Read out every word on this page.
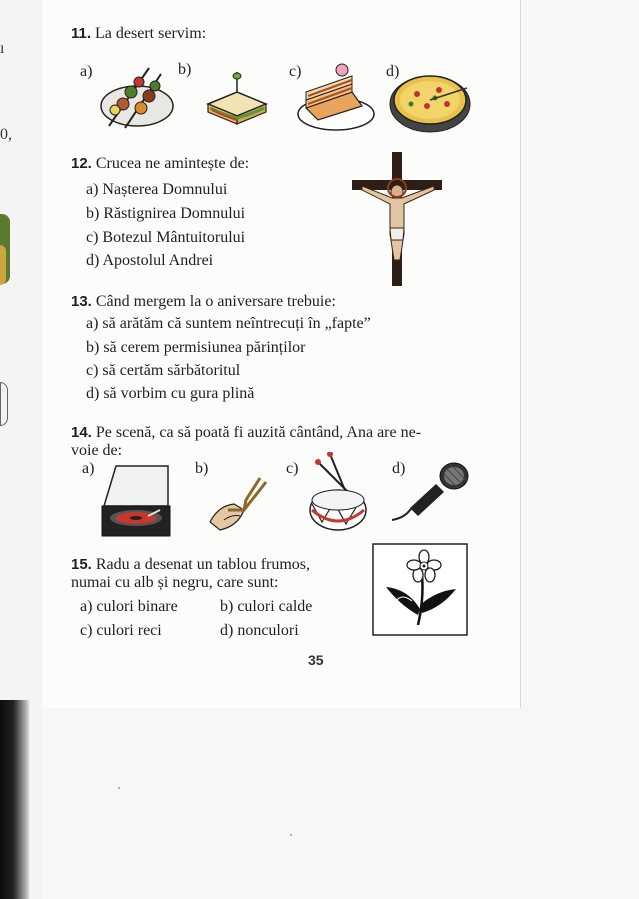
ı
0,
11. La desert servim:
a)	b)	c)	d)
12. Crucea ne amintește de:
a) Nașterea Domnului
b) Răstignirea Domnului
c) Botezul Mântuitorului
d) Apostolul Andrei
13. Când mergem la o aniversare trebuie:
a) să arătăm că suntem neîntrecuți în „fapte”
b) să cerem permisiunea părinților
c) să certăm sărbătoritul
d) să vorbim cu gura plină
14. Pe scenă, ca să poată fi auzită cântând, Ana are ne-
voie de:
a)	b)	c)	d)
15. Radu a desenat un tablou frumos,
numai cu alb și negru, care sunt:
a) culori binare	b) culori calde
c) culori reci	d) nonculori
35
